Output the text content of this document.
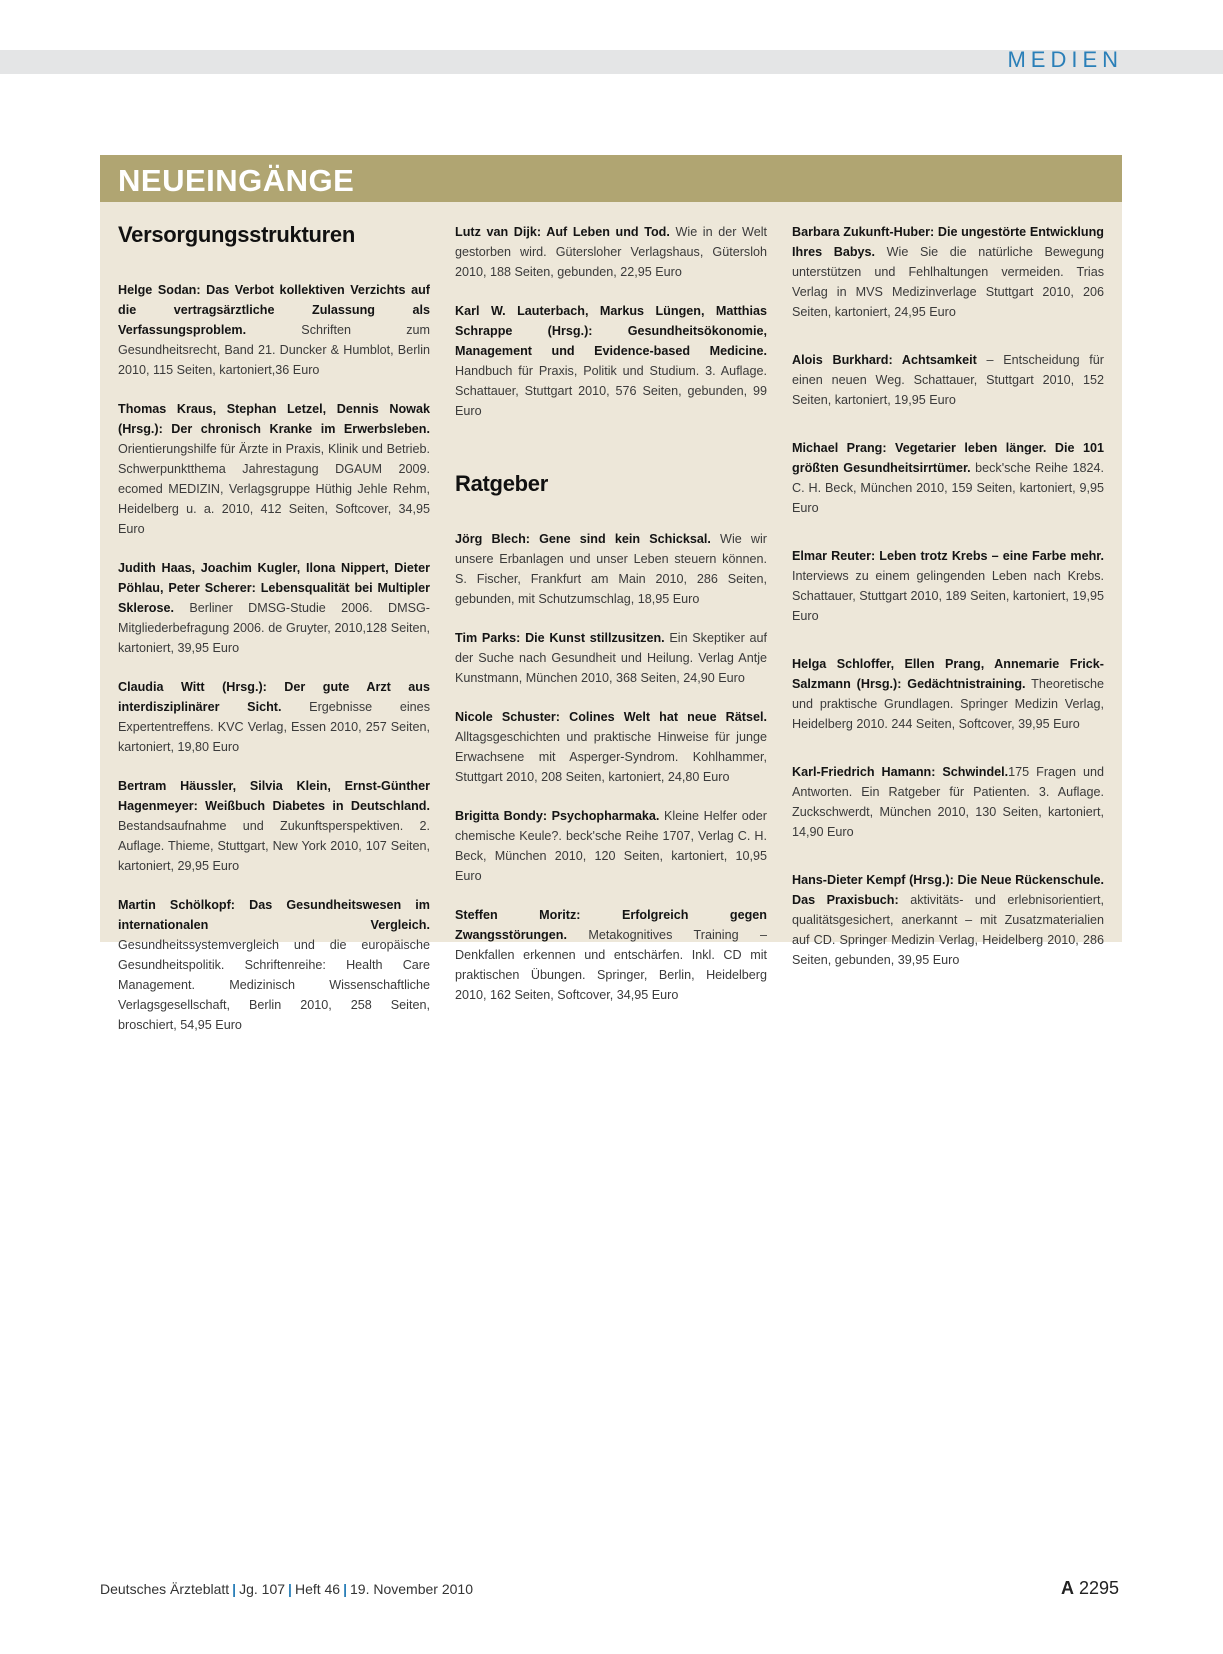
MEDIEN
NEUEINGÄNGE
Versorgungsstrukturen

Helge Sodan: Das Verbot kollektiven Verzichts auf die vertragsärztliche Zulassung als Verfassungsproblem. Schriften zum Gesundheitsrecht, Band 21. Duncker & Humblot, Berlin 2010, 115 Seiten, kartoniert,36 Euro

Thomas Kraus, Stephan Letzel, Dennis Nowak (Hrsg.): Der chronisch Kranke im Erwerbsleben. Orientierungshilfe für Ärzte in Praxis, Klinik und Betrieb. Schwerpunktthema Jahrestagung DGAUM 2009. ecomed MEDIZIN, Verlagsgruppe Hüthig Jehle Rehm, Heidelberg u. a. 2010, 412 Seiten, Softcover, 34,95 Euro

Judith Haas, Joachim Kugler, Ilona Nippert, Dieter Pöhlau, Peter Scherer: Lebensqualität bei Multipler Sklerose. Berliner DMSG-Studie 2006. DMSG-Mitgliederbefragung 2006. de Gruyter, 2010,128 Seiten, kartoniert, 39,95 Euro

Claudia Witt (Hrsg.): Der gute Arzt aus interdisziplinärer Sicht. Ergebnisse eines Expertentreffens. KVC Verlag, Essen 2010, 257 Seiten, kartoniert, 19,80 Euro

Bertram Häussler, Silvia Klein, Ernst-Günther Hagenmeyer: Weißbuch Diabetes in Deutschland. Bestandsaufnahme und Zukunftsperspektiven. 2. Auflage. Thieme, Stuttgart, New York 2010, 107 Seiten, kartoniert, 29,95 Euro

Martin Schölkopf: Das Gesundheitswesen im internationalen Vergleich. Gesundheitssystemvergleich und die europäische Gesundheitspolitik. Schriftenreihe: Health Care Management. Medizinisch Wissenschaftliche Verlagsgesellschaft, Berlin 2010, 258 Seiten, broschiert, 54,95 Euro

Lutz van Dijk: Auf Leben und Tod. Wie in der Welt gestorben wird. Gütersloher Verlagshaus, Gütersloh 2010, 188 Seiten, gebunden, 22,95 Euro

Karl W. Lauterbach, Markus Lüngen, Matthias Schrappe (Hrsg.): Gesundheitsökonomie, Management und Evidence-based Medicine. Handbuch für Praxis, Politik und Studium. 3. Auflage. Schattauer, Stuttgart 2010, 576 Seiten, gebunden, 99 Euro

Ratgeber

Jörg Blech: Gene sind kein Schicksal. Wie wir unsere Erbanlagen und unser Leben steuern können. S. Fischer, Frankfurt am Main 2010, 286 Seiten, gebunden, mit Schutzumschlag, 18,95 Euro

Tim Parks: Die Kunst stillzusitzen. Ein Skeptiker auf der Suche nach Gesundheit und Heilung. Verlag Antje Kunstmann, München 2010, 368 Seiten, 24,90 Euro

Nicole Schuster: Colines Welt hat neue Rätsel. Alltagsgeschichten und praktische Hinweise für junge Erwachsene mit Asperger-Syndrom. Kohlhammer, Stuttgart 2010, 208 Seiten, kartoniert, 24,80 Euro

Brigitta Bondy: Psychopharmaka. Kleine Helfer oder chemische Keule?. beck'sche Reihe 1707, Verlag C. H. Beck, München 2010, 120 Seiten, kartoniert, 10,95 Euro

Steffen Moritz: Erfolgreich gegen Zwangsstörungen. Metakognitives Training – Denkfallen erkennen und entschärfen. Inkl. CD mit praktischen Übungen. Springer, Berlin, Heidelberg 2010, 162 Seiten, Softcover, 34,95 Euro

Barbara Zukunft-Huber: Die ungestörte Entwicklung Ihres Babys. Wie Sie die natürliche Bewegung unterstützen und Fehlhaltungen vermeiden. Trias Verlag in MVS Medizinverlage Stuttgart 2010, 206 Seiten, kartoniert, 24,95 Euro

Alois Burkhard: Achtsamkeit – Entscheidung für einen neuen Weg. Schattauer, Stuttgart 2010, 152 Seiten, kartoniert, 19,95 Euro

Michael Prang: Vegetarier leben länger. Die 101 größten Gesundheitsirrtümer. beck'sche Reihe 1824. C. H. Beck, München 2010, 159 Seiten, kartoniert, 9,95 Euro

Elmar Reuter: Leben trotz Krebs – eine Farbe mehr. Interviews zu einem gelingenden Leben nach Krebs. Schattauer, Stuttgart 2010, 189 Seiten, kartoniert, 19,95 Euro

Helga Schloffer, Ellen Prang, Annemarie Frick-Salzmann (Hrsg.): Gedächtnistraining. Theoretische und praktische Grundlagen. Springer Medizin Verlag, Heidelberg 2010. 244 Seiten, Softcover, 39,95 Euro

Karl-Friedrich Hamann: Schwindel.175 Fragen und Antworten. Ein Ratgeber für Patienten. 3. Auflage. Zuckschwerdt, München 2010, 130 Seiten, kartoniert, 14,90 Euro

Hans-Dieter Kempf (Hrsg.): Die Neue Rückenschule. Das Praxisbuch: aktivitäts- und erlebnisorientiert, qualitätsgesichert, anerkannt – mit Zusatzmaterialien auf CD. Springer Medizin Verlag, Heidelberg 2010, 286 Seiten, gebunden, 39,95 Euro

Deutsches Ärzteblatt | Jg. 107 | Heft 46 | 19. November 2010	A 2295
